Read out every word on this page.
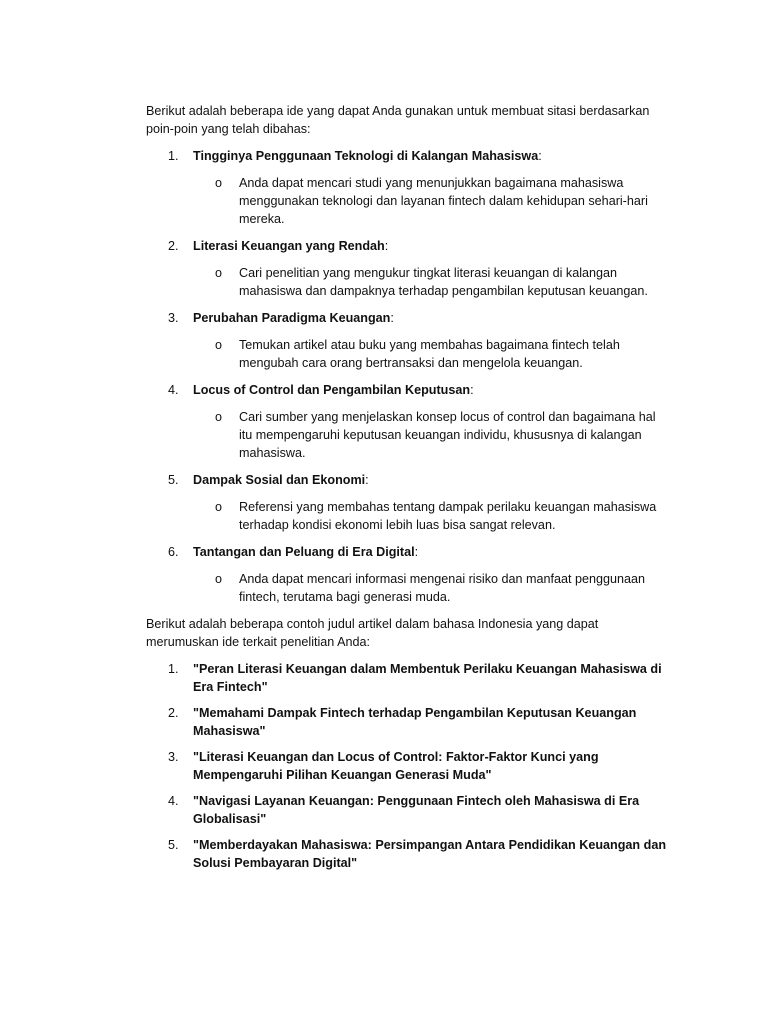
Berikut adalah beberapa ide yang dapat Anda gunakan untuk membuat sitasi berdasarkan poin-poin yang telah dibahas:

1.	Tingginya Penggunaan Teknologi di Kalangan Mahasiswa:
o Anda dapat mencari studi yang menunjukkan bagaimana mahasiswa menggunakan teknologi dan layanan fintech dalam kehidupan sehari-hari mereka.
2.	Literasi Keuangan yang Rendah:
o Cari penelitian yang mengukur tingkat literasi keuangan di kalangan mahasiswa dan dampaknya terhadap pengambilan keputusan keuangan.
3.	Perubahan Paradigma Keuangan:
o Temukan artikel atau buku yang membahas bagaimana fintech telah mengubah cara orang bertransaksi dan mengelola keuangan.
4.	Locus of Control dan Pengambilan Keputusan:
o Cari sumber yang menjelaskan konsep locus of control dan bagaimana hal itu mempengaruhi keputusan keuangan individu, khususnya di kalangan mahasiswa.
5.	Dampak Sosial dan Ekonomi:
o Referensi yang membahas tentang dampak perilaku keuangan mahasiswa terhadap kondisi ekonomi lebih luas bisa sangat relevan.
6.	Tantangan dan Peluang di Era Digital:
o Anda dapat mencari informasi mengenai risiko dan manfaat penggunaan fintech, terutama bagi generasi muda.

Berikut adalah beberapa contoh judul artikel dalam bahasa Indonesia yang dapat merumuskan ide terkait penelitian Anda:

1.	"Peran Literasi Keuangan dalam Membentuk Perilaku Keuangan Mahasiswa di Era Fintech"
2.	"Memahami Dampak Fintech terhadap Pengambilan Keputusan Keuangan Mahasiswa"
3.	"Literasi Keuangan dan Locus of Control: Faktor-Faktor Kunci yang Mempengaruhi Pilihan Keuangan Generasi Muda"
4.	"Navigasi Layanan Keuangan: Penggunaan Fintech oleh Mahasiswa di Era Globalisasi"
5.	"Memberdayakan Mahasiswa: Persimpangan Antara Pendidikan Keuangan dan Solusi Pembayaran Digital"
